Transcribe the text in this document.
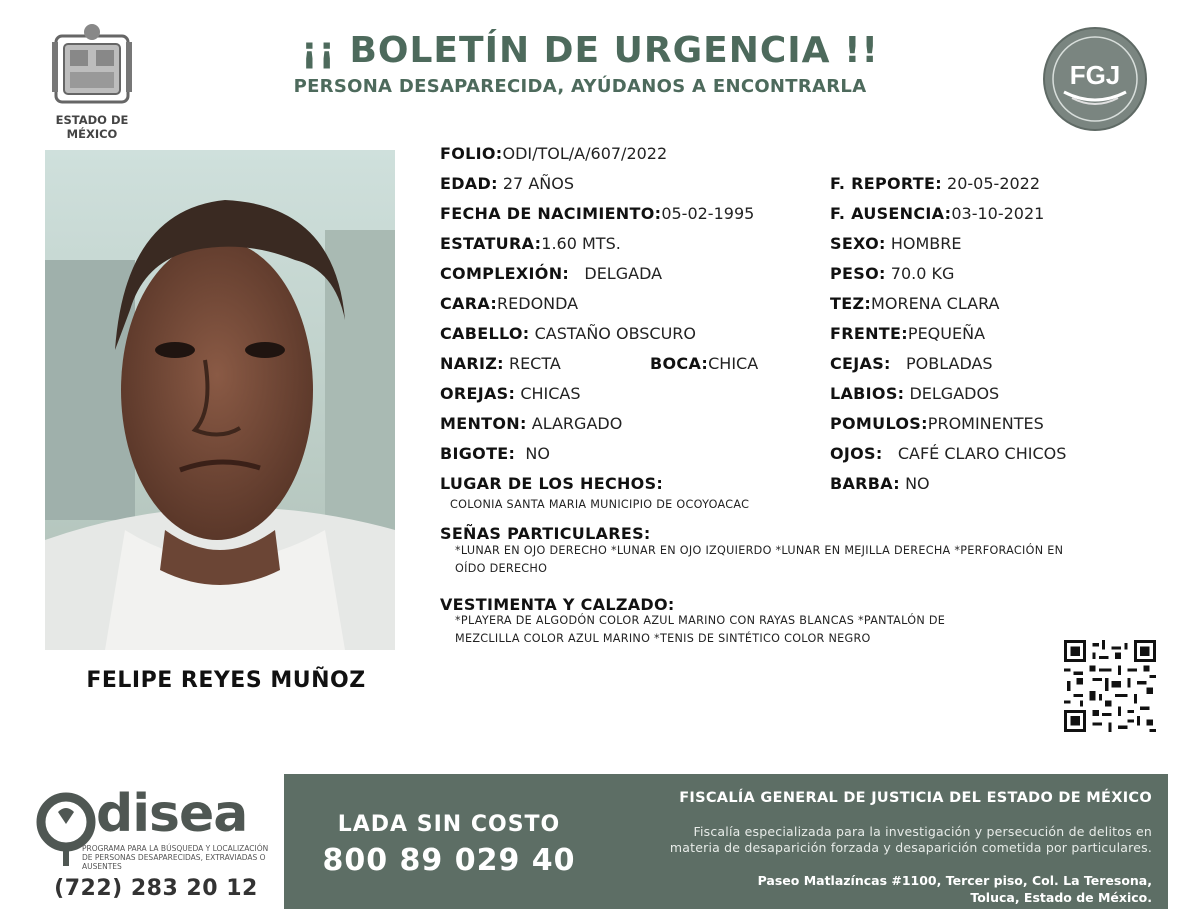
ESTADO DE MÉXICO
¡¡ BOLETÍN DE URGENCIA !!
PERSONA DESAPARECIDA, AYÚDANOS A ENCONTRARLA	FGJ
FELIPE REYES MUÑOZ
FOLIO:ODI/TOL/A/607/2022
EDAD: 27 AÑOS
FECHA DE NACIMIENTO:05-02-1995
ESTATURA:1.60 MTS.
COMPLEXIÓN: DELGADA
CARA:REDONDA
CABELLO: CASTAÑO OBSCURO
NARIZ: RECTA	BOCA:CHICA
OREJAS: CHICAS
MENTON: ALARGADO
BIGOTE: NO
LUGAR DE LOS HECHOS:
COLONIA SANTA MARIA MUNICIPIO DE OCOYOACAC
F. REPORTE: 20-05-2022
F. AUSENCIA:03-10-2021
SEXO: HOMBRE
PESO: 70.0 KG
TEZ:MORENA CLARA
FRENTE:PEQUEÑA
CEJAS: POBLADAS
LABIOS: DELGADOS
POMULOS:PROMINENTES
OJOS: CAFÉ CLARO CHICOS
BARBA: NO
SEÑAS PARTICULARES:
*LUNAR EN OJO DERECHO *LUNAR EN OJO IZQUIERDO *LUNAR EN MEJILLA DERECHA *PERFORACIÓN EN
OÍDO DERECHO
VESTIMENTA Y CALZADO:
*PLAYERA DE ALGODÓN COLOR AZUL MARINO CON RAYAS BLANCAS *PANTALÓN DE
MEZCLILLA COLOR AZUL MARINO *TENIS DE SINTÉTICO COLOR NEGRO
disea
PROGRAMA PARA LA BÚSQUEDA Y LOCALIZACIÓN DE PERSONAS DESAPARECIDAS, EXTRAVIADAS O AUSENTES
(722) 283 20 12
LADA SIN COSTO
800 89 029 40
FISCALÍA GENERAL DE JUSTICIA DEL ESTADO DE MÉXICO
Fiscalía especializada para la investigación y persecución de delitos en
materia de desaparición forzada y desaparición cometida por particulares.
Paseo Matlazíncas #1100, Tercer piso, Col. La Teresona,
Toluca, Estado de México.
